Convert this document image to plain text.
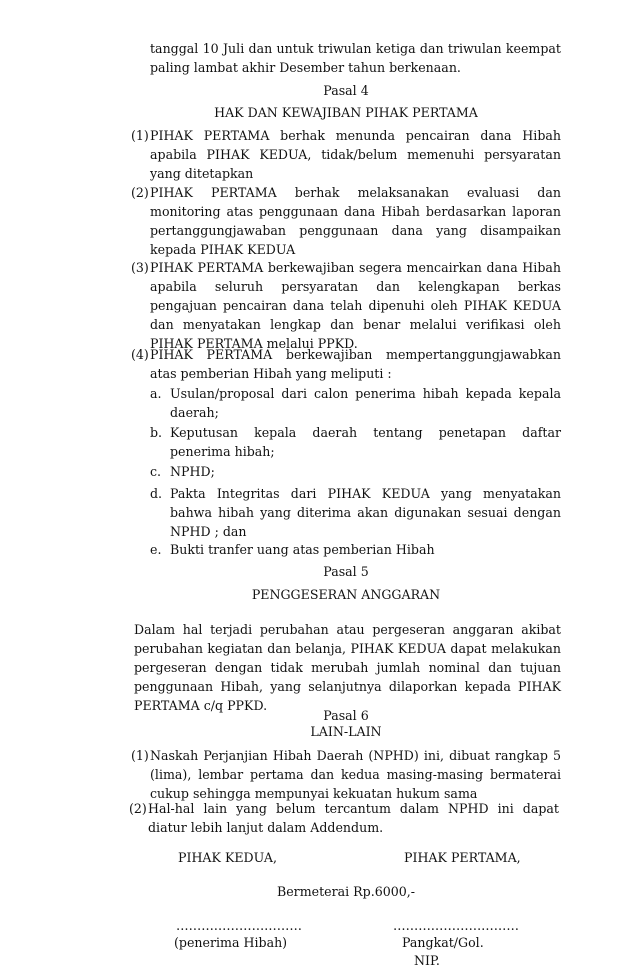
tanggal 10 Juli dan untuk triwulan ketiga dan triwulan keempat
paling lambat akhir Desember tahun berkenaan.
Pasal 4
HAK DAN KEWAJIBAN PIHAK PERTAMA
(1) PIHAK PERTAMA berhak menunda pencairan dana Hibah apabila PIHAK KEDUA, tidak/belum memenuhi persyaratan yang ditetapkan
(2) PIHAK PERTAMA berhak melaksanakan evaluasi dan monitoring atas penggunaan dana Hibah berdasarkan laporan pertanggungjawaban penggunaan dana yang disampaikan kepada PIHAK KEDUA
(3) PIHAK PERTAMA berkewajiban segera mencairkan dana Hibah apabila seluruh persyaratan dan kelengkapan berkas pengajuan pencairan dana telah dipenuhi oleh PIHAK KEDUA dan menyatakan lengkap dan benar melalui verifikasi oleh PIHAK PERTAMA melalui PPKD.
(4) PIHAK PERTAMA berkewajiban mempertanggungjawabkan atas pemberian Hibah yang meliputi :
a. Usulan/proposal dari calon penerima hibah kepada kepala daerah;
b. Keputusan kepala daerah tentang penetapan daftar penerima hibah;
c. NPHD;
d. Pakta Integritas dari PIHAK KEDUA yang menyatakan bahwa hibah yang diterima akan digunakan sesuai dengan NPHD ; dan
e. Bukti tranfer uang atas pemberian Hibah
Pasal 5
PENGGESERAN ANGGARAN
Dalam hal terjadi perubahan atau pergeseran anggaran akibat perubahan kegiatan dan belanja, PIHAK KEDUA dapat melakukan pergeseran dengan tidak merubah jumlah nominal dan tujuan penggunaan Hibah, yang selanjutnya dilaporkan kepada PIHAK PERTAMA c/q PPKD.
Pasal 6
LAIN-LAIN
(1) Naskah Perjanjian Hibah Daerah (NPHD) ini, dibuat rangkap 5 (lima), lembar pertama dan kedua masing-masing bermaterai cukup sehingga mempunyai kekuatan hukum sama
(2) Hal-hal lain yang belum tercantum dalam NPHD ini dapat diatur lebih lanjut dalam Addendum.
PIHAK KEDUA,	PIHAK PERTAMA,
Bermeterai Rp.6000,-
…………………………	…………………………
(penerima Hibah)	Pangkat/Gol.
NIP.
